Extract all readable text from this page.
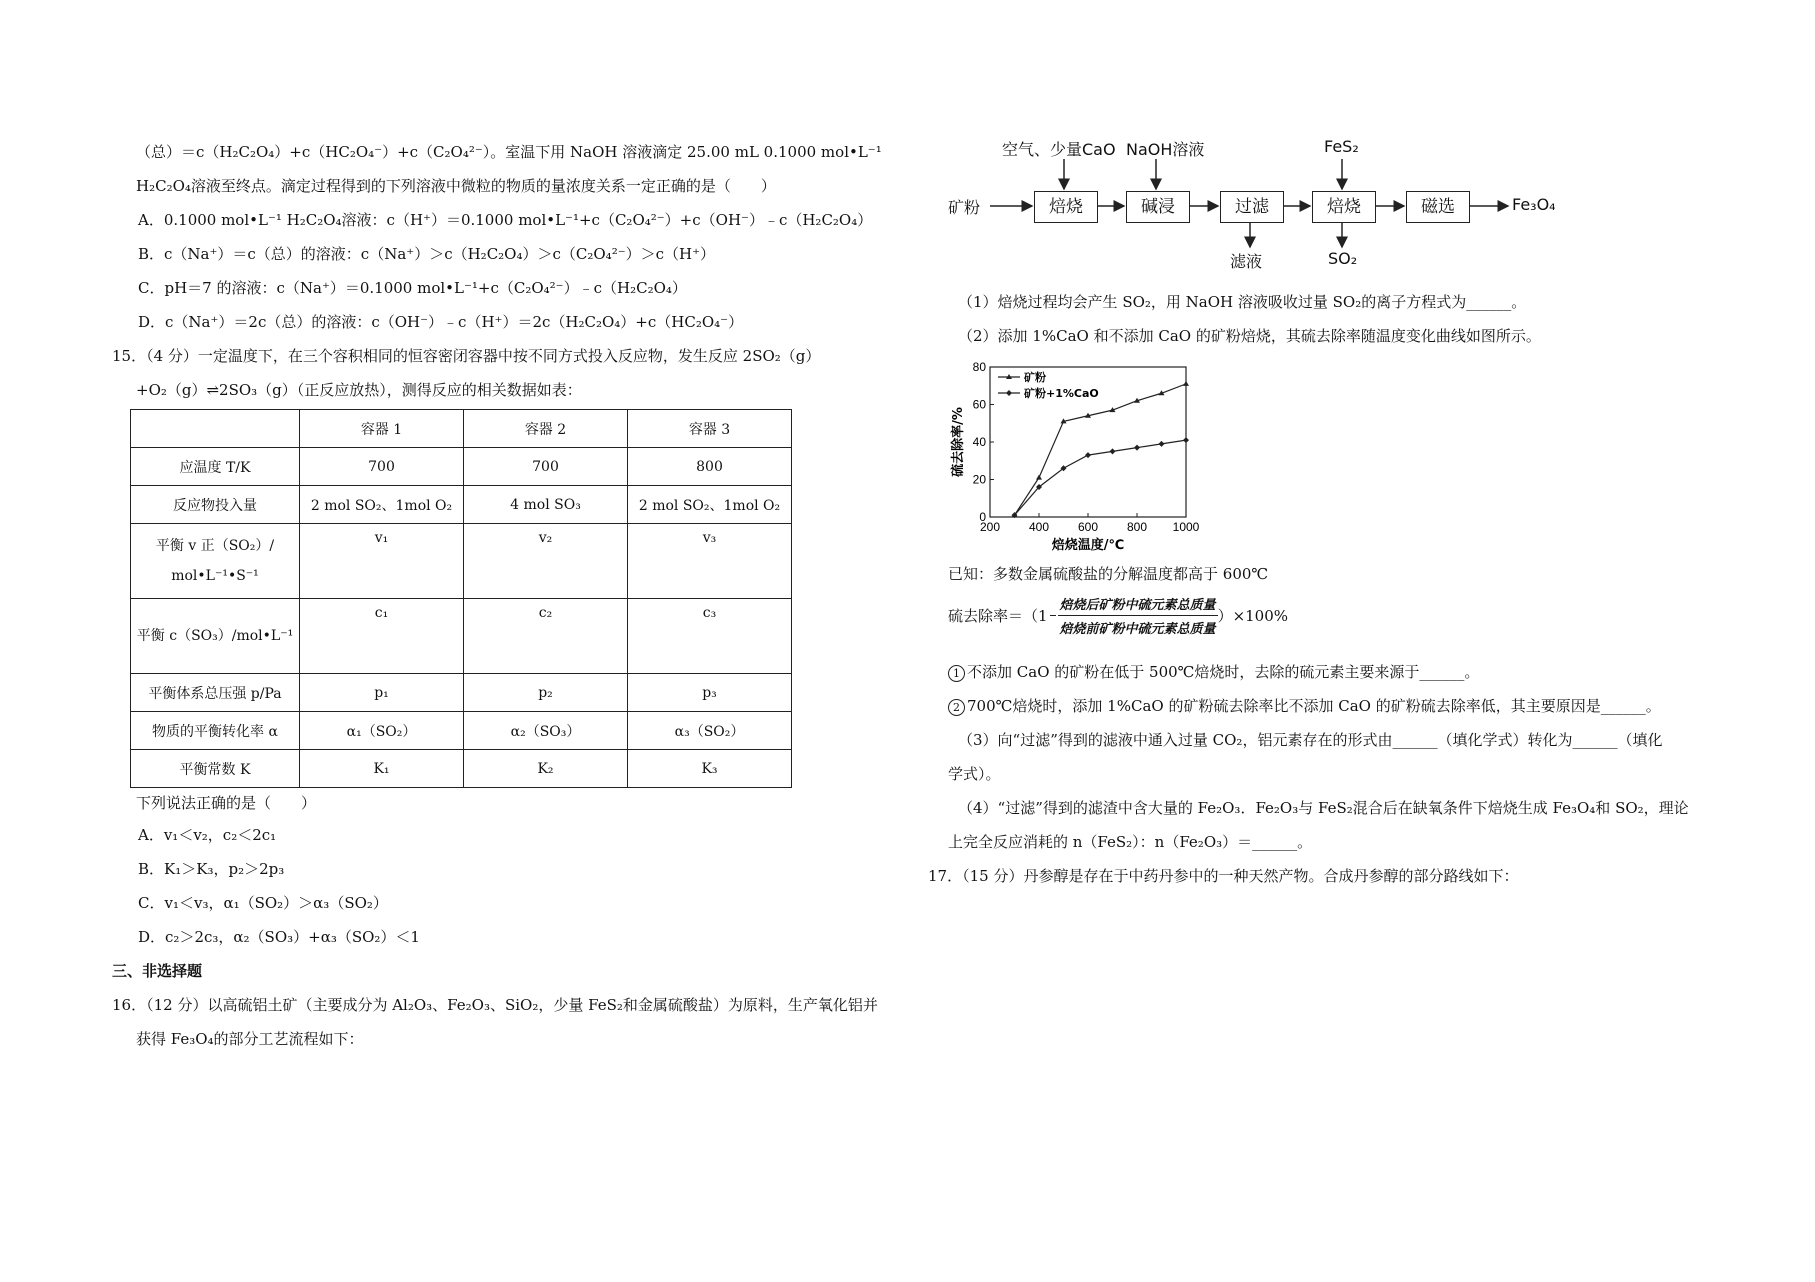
（总）＝c（H₂C₂O₄）+c（HC₂O₄⁻）+c（C₂O₄²⁻）。室温下用 NaOH 溶液滴定 25.00 mL 0.1000 mol•L⁻¹
H₂C₂O₄溶液至终点。滴定过程得到的下列溶液中微粒的物质的量浓度关系一定正确的是（　　）
A．0.1000 mol•L⁻¹ H₂C₂O₄溶液：c（H⁺）＝0.1000 mol•L⁻¹+c（C₂O₄²⁻）+c（OH⁻）﹣c（H₂C₂O₄）
B．c（Na⁺）＝c（总）的溶液：c（Na⁺）＞c（H₂C₂O₄）＞c（C₂O₄²⁻）＞c（H⁺）
C．pH＝7 的溶液：c（Na⁺）＝0.1000 mol•L⁻¹+c（C₂O₄²⁻）﹣c（H₂C₂O₄）
D．c（Na⁺）＝2c（总）的溶液：c（OH⁻）﹣c（H⁺）＝2c（H₂C₂O₄）+c（HC₂O₄⁻）
15．（4 分）一定温度下，在三个容积相同的恒容密闭容器中按不同方式投入反应物，发生反应 2SO₂（g）
+O₂（g）⇌2SO₃（g）（正反应放热），测得反应的相关数据如表：
	容器 1	容器 2	容器 3
应温度 T/K	700	700	800
反应物投入量	2 mol SO₂、1mol O₂	4 mol SO₃	2 mol SO₂、1mol O₂
平衡 v 正（SO₂）/ mol•L⁻¹•S⁻¹	v₁	v₂	v₃
平衡 c（SO₃）/mol•L⁻¹	c₁	c₂	c₃
平衡体系总压强 p/Pa	p₁	p₂	p₃
物质的平衡转化率 α	α₁（SO₂）	α₂（SO₃）	α₃（SO₂）
平衡常数 K	K₁	K₂	K₃
下列说法正确的是（　　）
A．v₁＜v₂，c₂＜2c₁
B．K₁＞K₃，p₂＞2p₃
C．v₁＜v₃，α₁（SO₂）＞α₃（SO₂）
D．c₂＞2c₃，α₂（SO₃）+α₃（SO₂）＜1
三、非选择题
16．（12 分）以高硫铝土矿（主要成分为 Al₂O₃、Fe₂O₃、SiO₂，少量 FeS₂和金属硫酸盐）为原料，生产氧化铝并
获得 Fe₃O₄的部分工艺流程如下：
矿粉	焙烧	碱浸	过滤	焙烧	磁选	Fe₃O₄
空气、少量CaO NaOH溶液	FeS₂
滤液	SO₂
（1）焙烧过程均会产生 SO₂，用 NaOH 溶液吸收过量 SO₂的离子方程式为______。
（2）添加 1%CaO 和不添加 CaO 的矿粉焙烧，其硫去除率随温度变化曲线如图所示。
200 400 600 800 1000
0
20
40
60
80
焙烧温度/℃
硫去除率/%
矿粉
矿粉+1%CaO
已知：多数金属硫酸盐的分解温度都高于 600℃
硫去除率$=(1 \frac{\text{焙烧后矿粉中硫元素总质量}}{\text{焙烧前矿粉中硫元素总质量}} )\times 100\%$
1 不添加 CaO 的矿粉在低于 500℃焙烧时，去除的硫元素主要来源于______。
2 700℃焙烧时，添加 1%CaO 的矿粉硫去除率比不添加 CaO 的矿粉硫去除率低，其主要原因是______。
（3）向“过滤”得到的滤液中通入过量 CO₂，铝元素存在的形式由______（填化学式）转化为______（填化
学式）。
（4）“过滤”得到的滤渣中含大量的 Fe₂O₃．Fe₂O₃与 FeS₂混合后在缺氧条件下焙烧生成 Fe₃O₄和 SO₂，理论
上完全反应消耗的 n（FeS₂）：n（Fe₂O₃）＝______。
17．（15 分）丹参醇是存在于中药丹参中的一种天然产物。合成丹参醇的部分路线如下：
